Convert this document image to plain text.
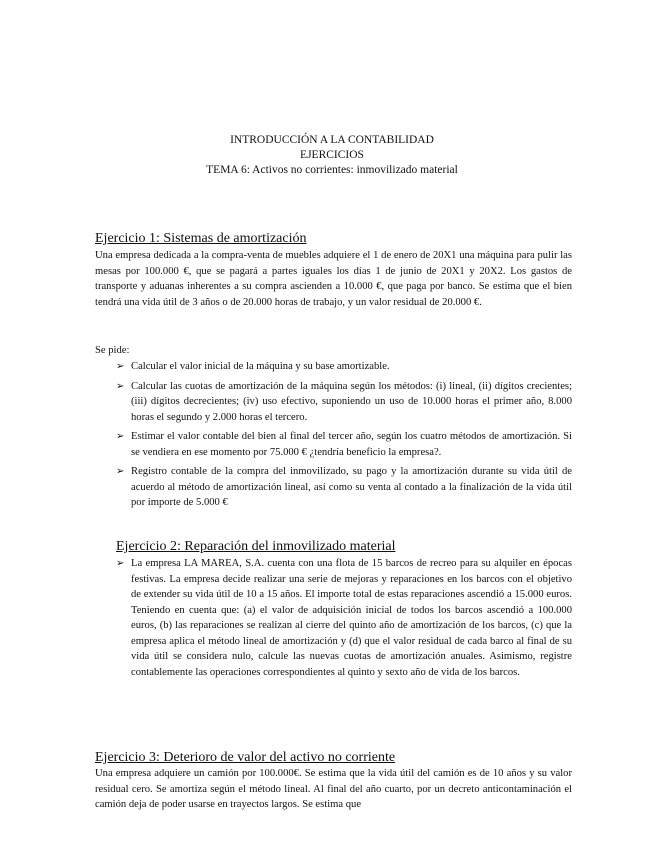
INTRODUCCIÓN A LA CONTABILIDAD
EJERCICIOS
TEMA 6: Activos no corrientes: inmovilizado material
Ejercicio 1: Sistemas de amortización

Una empresa dedicada a la compra-venta de muebles adquiere el 1 de enero de 20X1 una máquina para pulir las mesas por 100.000 €, que se pagará a partes iguales los días 1 de junio de 20X1 y 20X2. Los gastos de transporte y aduanas inherentes a su compra ascienden a 10.000 €, que paga por banco. Se estima que el bien tendrá una vida útil de 3 años o de 20.000 horas de trabajo, y un valor residual de 20.000 €.

Se pide:
➢ Calcular el valor inicial de la máquina y su base amortizable.
➢ Calcular las cuotas de amortización de la máquina según los métodos: (i) lineal, (ii) dígitos crecientes; (iii) dígitos decrecientes; (iv) uso efectivo, suponiendo un uso de 10.000 horas el primer año, 8.000 horas el segundo y 2.000 horas el tercero.
➢ Estimar el valor contable del bien al final del tercer año, según los cuatro métodos de amortización. Si se vendiera en ese momento por 75.000 € ¿tendría beneficio la empresa?.
➢ Registro contable de la compra del inmovilizado, su pago y la amortización durante su vida útil de acuerdo al método de amortización lineal, así como su venta al contado a la finalización de la vida útil por importe de 5.000 €
Ejercicio 2: Reparación del inmovilizado material
➢ La empresa LA MAREA, S.A. cuenta con una flota de 15 barcos de recreo para su alquiler en épocas festivas. La empresa decide realizar una serie de mejoras y reparaciones en los barcos con el objetivo de extender su vida útil de 10 a 15 años. El importe total de estas reparaciones ascendió a 15.000 euros. Teniendo en cuenta que: (a) el valor de adquisición inicial de todos los barcos ascendió a 100.000 euros, (b) las reparaciones se realizan al cierre del quinto año de amortización de los barcos, (c) que la empresa aplica el método lineal de amortización y (d) que el valor residual de cada barco al final de su vida útil se considera nulo, calcule las nuevas cuotas de amortización anuales. Asimismo, registre contablemente las operaciones correspondientes al quinto y sexto año de vida de los barcos.
Ejercicio 3: Deterioro de valor del activo no corriente

Una empresa adquiere un camión por 100.000€. Se estima que la vida útil del camión es de 10 años y su valor residual cero. Se amortiza según el método lineal. Al final del año cuarto, por un decreto anticontaminación el camión deja de poder usarse en trayectos largos. Se estima que
